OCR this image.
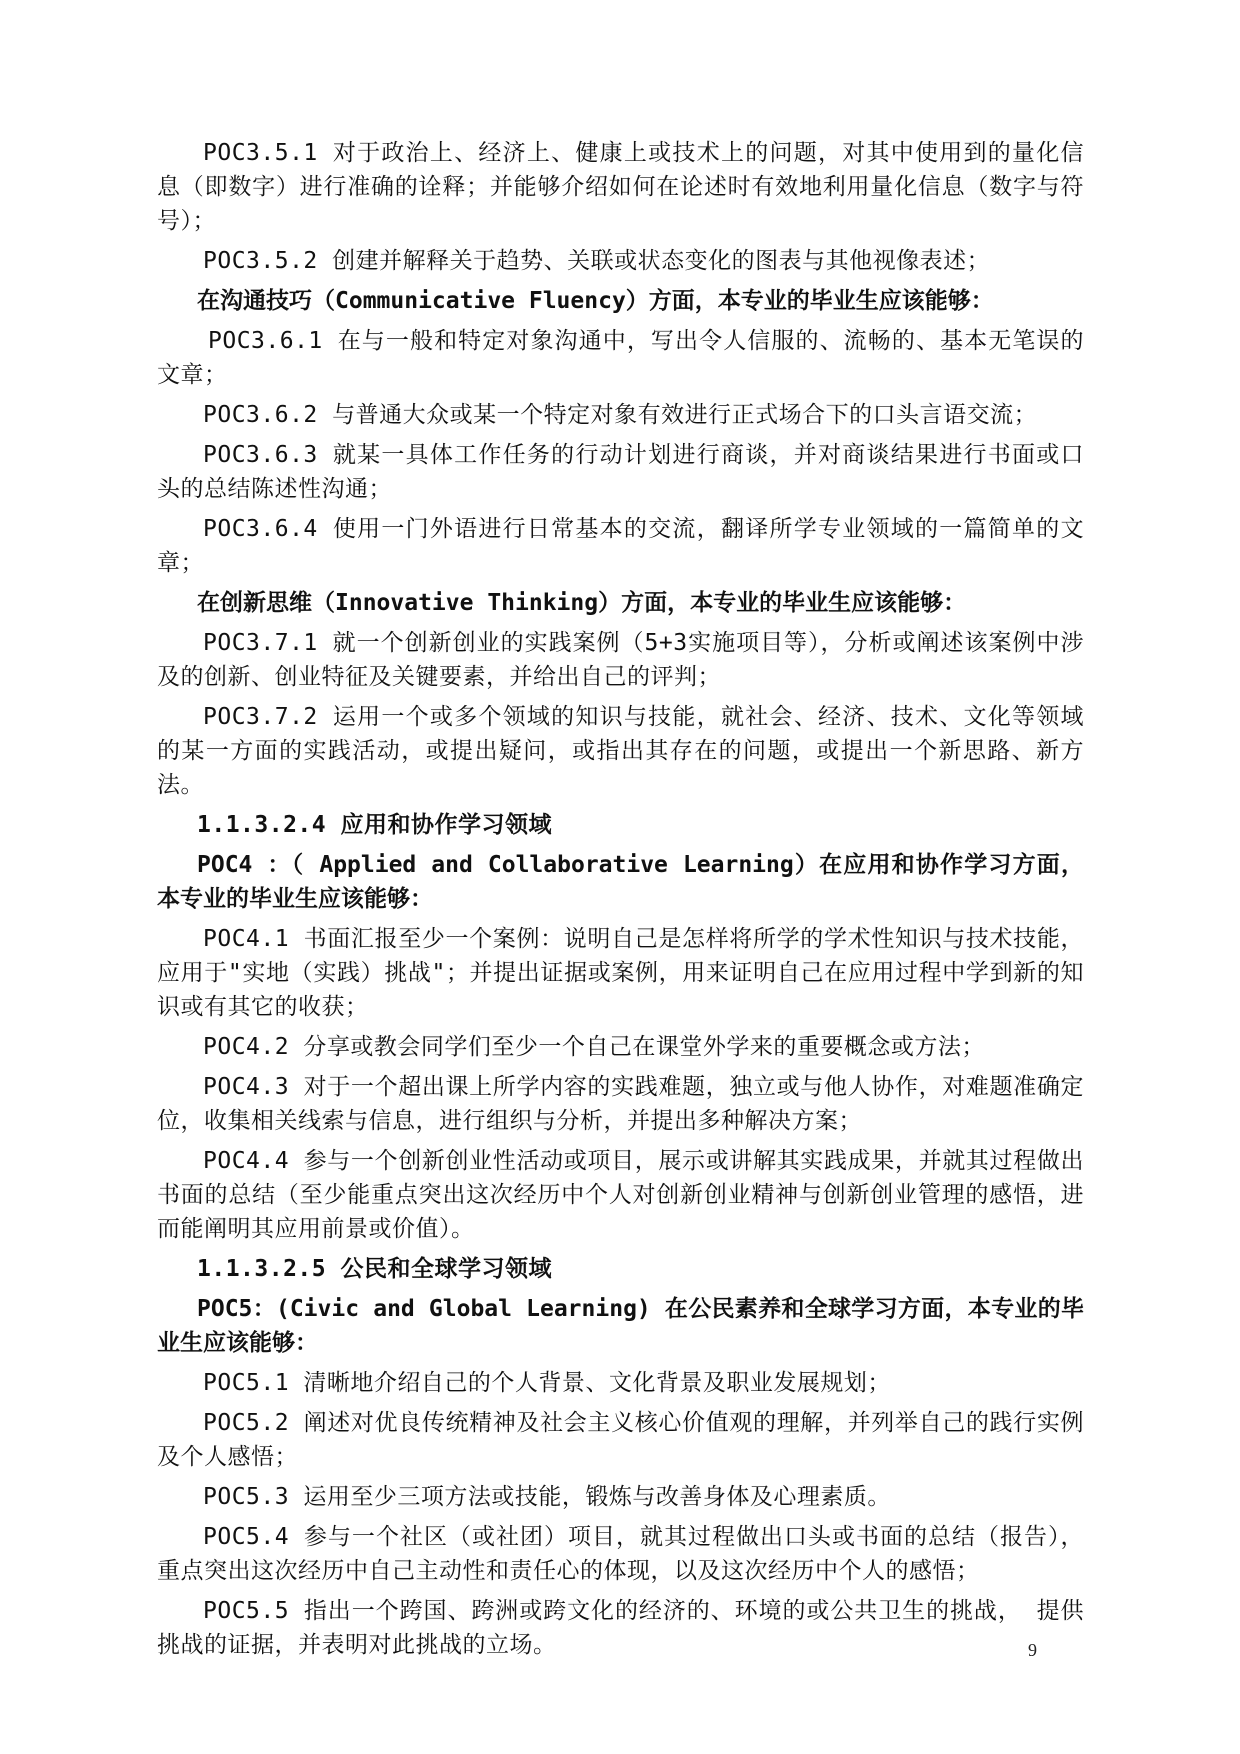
POC3.5.1 对于政治上、经济上、健康上或技术上的问题，对其中使用到的量化信息（即数字）进行准确的诠释；并能够介绍如何在论述时有效地利用量化信息（数字与符号）；

POC3.5.2 创建并解释关于趋势、关联或状态变化的图表与其他视像表述；

在沟通技巧（Communicative Fluency）方面，本专业的毕业生应该能够：

POC3.6.1 在与一般和特定对象沟通中，写出令人信服的、流畅的、基本无笔误的文章；

POC3.6.2 与普通大众或某一个特定对象有效进行正式场合下的口头言语交流；

POC3.6.3 就某一具体工作任务的行动计划进行商谈，并对商谈结果进行书面或口头的总结陈述性沟通；

POC3.6.4 使用一门外语进行日常基本的交流，翻译所学专业领域的一篇简单的文章；

在创新思维（Innovative Thinking）方面，本专业的毕业生应该能够：

POC3.7.1 就一个创新创业的实践案例（5+3实施项目等），分析或阐述该案例中涉及的创新、创业特征及关键要素，并给出自己的评判；

POC3.7.2 运用一个或多个领域的知识与技能，就社会、经济、技术、文化等领域的某一方面的实践活动，或提出疑问，或指出其存在的问题，或提出一个新思路、新方法。

1.1.3.2.4 应用和协作学习领域

POC4 ：（ Applied and Collaborative Learning）在应用和协作学习方面，本专业的毕业生应该能够：

POC4.1 书面汇报至少一个案例：说明自己是怎样将所学的学术性知识与技术技能，应用于"实地（实践）挑战"；并提出证据或案例，用来证明自己在应用过程中学到新的知识或有其它的收获；

POC4.2 分享或教会同学们至少一个自己在课堂外学来的重要概念或方法；

POC4.3 对于一个超出课上所学内容的实践难题，独立或与他人协作，对难题准确定位，收集相关线索与信息，进行组织与分析，并提出多种解决方案；

POC4.4 参与一个创新创业性活动或项目，展示或讲解其实践成果，并就其过程做出书面的总结（至少能重点突出这次经历中个人对创新创业精神与创新创业管理的感悟，进而能阐明其应用前景或价值）。

1.1.3.2.5 公民和全球学习领域

POC5：(Civic and Global Learning) 在公民素养和全球学习方面，本专业的毕业生应该能够：

POC5.1 清晰地介绍自己的个人背景、文化背景及职业发展规划；

POC5.2 阐述对优良传统精神及社会主义核心价值观的理解，并列举自己的践行实例及个人感悟；

POC5.3 运用至少三项方法或技能，锻炼与改善身体及心理素质。

POC5.4 参与一个社区（或社团）项目，就其过程做出口头或书面的总结（报告），重点突出这次经历中自己主动性和责任心的体现，以及这次经历中个人的感悟；

POC5.5 指出一个跨国、跨洲或跨文化的经济的、环境的或公共卫生的挑战， 提供挑战的证据，并表明对此挑战的立场。	9
